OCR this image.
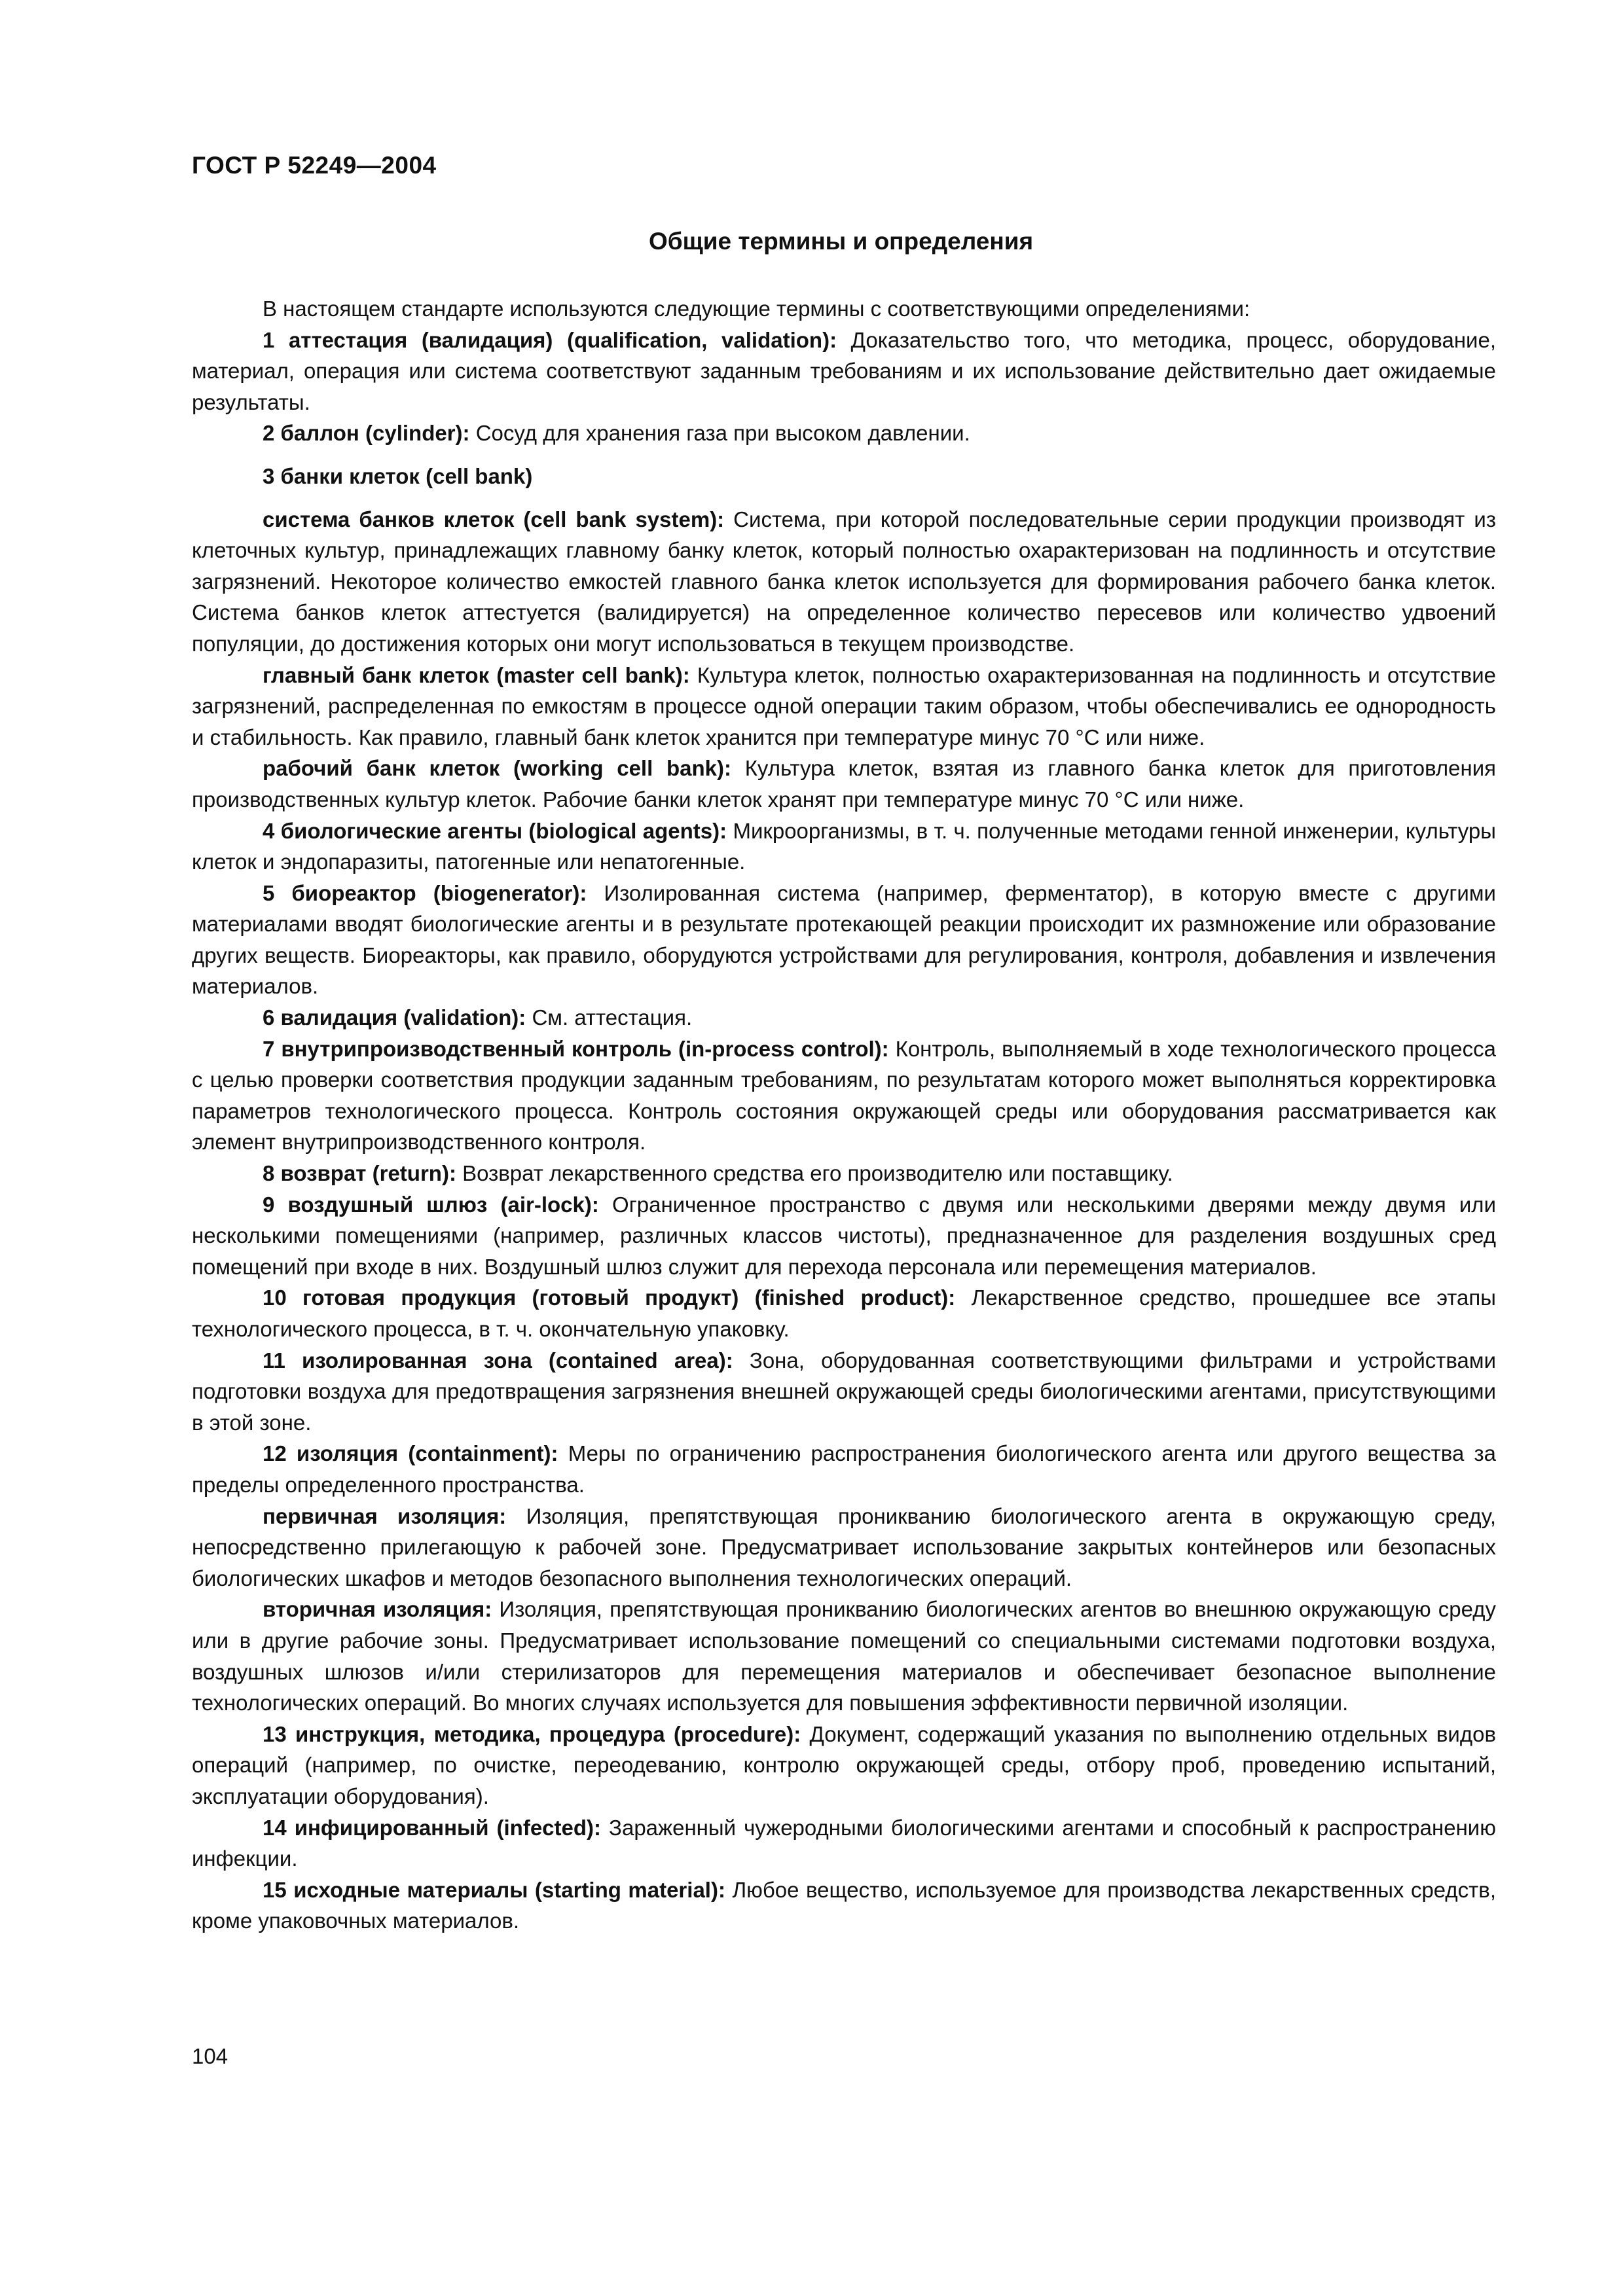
ГОСТ Р 52249—2004
Общие термины и определения

В настоящем стандарте используются следующие термины с соответствующими определениями:

1 аттестация (валидация) (qualification, validation): Доказательство того, что методика, процесс, оборудование, материал, операция или система соответствуют заданным требованиям и их использование действительно дает ожидаемые результаты.

2 баллон (cylinder): Сосуд для хранения газа при высоком давлении.

3 банки клеток (cell bank)

система банков клеток (cell bank system): Система, при которой последовательные серии продукции производят из клеточных культур, принадлежащих главному банку клеток, который полностью охарактеризован на подлинность и отсутствие загрязнений. Некоторое количество емкостей главного банка клеток используется для формирования рабочего банка клеток. Система банков клеток аттестуется (валидируется) на определенное количество пересевов или количество удвоений популяции, до достижения которых они могут использоваться в текущем производстве.

главный банк клеток (master cell bank): Культура клеток, полностью охарактеризованная на подлинность и отсутствие загрязнений, распределенная по емкостям в процессе одной операции таким образом, чтобы обеспечивались ее однородность и стабильность. Как правило, главный банк клеток хранится при температуре минус 70 °С или ниже.

рабочий банк клеток (working cell bank): Культура клеток, взятая из главного банка клеток для приготовления производственных культур клеток. Рабочие банки клеток хранят при температуре минус 70 °С или ниже.

4 биологические агенты (biological agents): Микроорганизмы, в т. ч. полученные методами генной инженерии, культуры клеток и эндопаразиты, патогенные или непатогенные.

5 биореактор (biogenerator): Изолированная система (например, ферментатор), в которую вместе с другими материалами вводят биологические агенты и в результате протекающей реакции происходит их размножение или образование других веществ. Биореакторы, как правило, оборудуются устройствами для регулирования, контроля, добавления и извлечения материалов.

6 валидация (validation): См. аттестация.

7 внутрипроизводственный контроль (in-process control): Контроль, выполняемый в ходе технологического процесса с целью проверки соответствия продукции заданным требованиям, по результатам которого может выполняться корректировка параметров технологического процесса. Контроль состояния окружающей среды или оборудования рассматривается как элемент внутрипроизводственного контроля.

8 возврат (return): Возврат лекарственного средства его производителю или поставщику.

9 воздушный шлюз (air-lock): Ограниченное пространство с двумя или несколькими дверями между двумя или несколькими помещениями (например, различных классов чистоты), предназначенное для разделения воздушных сред помещений при входе в них. Воздушный шлюз служит для перехода персонала или перемещения материалов.

10 готовая продукция (готовый продукт) (finished product): Лекарственное средство, прошедшее все этапы технологического процесса, в т. ч. окончательную упаковку.

11 изолированная зона (contained area): Зона, оборудованная соответствующими фильтрами и устройствами подготовки воздуха для предотвращения загрязнения внешней окружающей среды биологическими агентами, присутствующими в этой зоне.

12 изоляция (containment): Меры по ограничению распространения биологического агента или другого вещества за пределы определенного пространства.

первичная изоляция: Изоляция, препятствующая проникванию биологического агента в окружающую среду, непосредственно прилегающую к рабочей зоне. Предусматривает использование закрытых контейнеров или безопасных биологических шкафов и методов безопасного выполнения технологических операций.

вторичная изоляция: Изоляция, препятствующая проникванию биологических агентов во внешнюю окружающую среду или в другие рабочие зоны. Предусматривает использование помещений со специальными системами подготовки воздуха, воздушных шлюзов и/или стерилизаторов для перемещения материалов и обеспечивает безопасное выполнение технологических операций. Во многих случаях используется для повышения эффективности первичной изоляции.

13 инструкция, методика, процедура (procedure): Документ, содержащий указания по выполнению отдельных видов операций (например, по очистке, переодеванию, контролю окружающей среды, отбору проб, проведению испытаний, эксплуатации оборудования).

14 инфицированный (infected): Зараженный чужеродными биологическими агентами и способный к распространению инфекции.

15 исходные материалы (starting material): Любое вещество, используемое для производства лекарственных средств, кроме упаковочных материалов.

104
